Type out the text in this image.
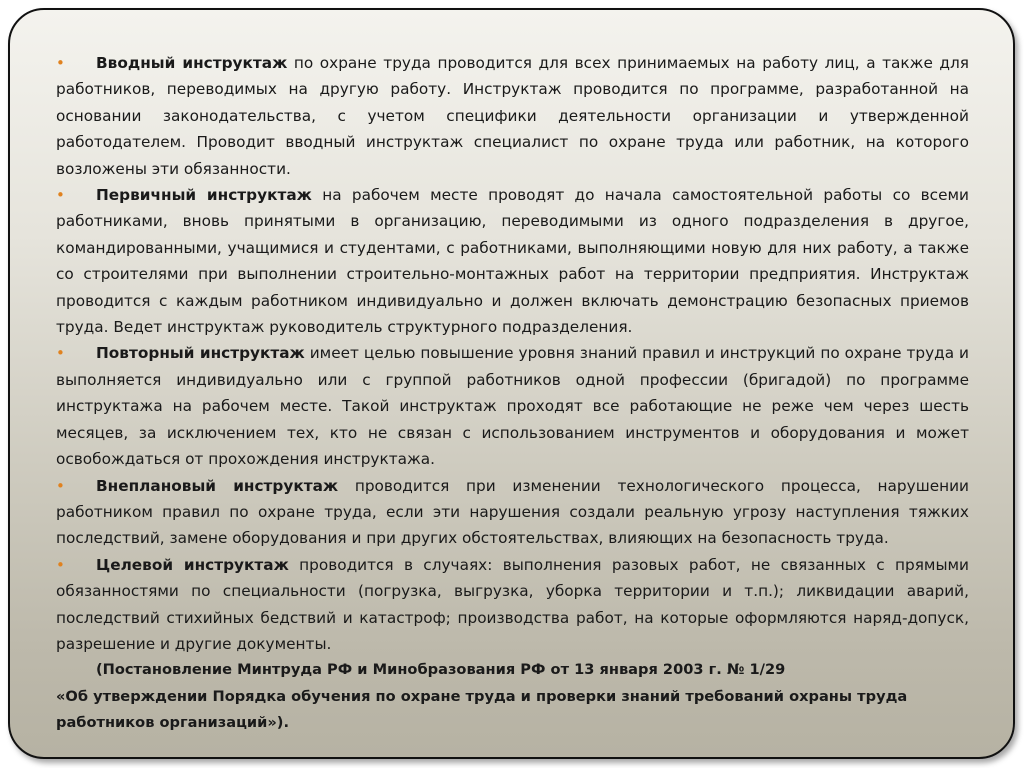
• Вводный инструктаж по охране труда проводится для всех принимаемых на работу лиц, а также для работников, переводимых на другую работу. Инструктаж проводится по программе, разработанной на основании законодательства, с учетом специфики деятельности организации и утвержденной работодателем. Проводит вводный инструктаж специалист по охране труда или работник, на которого возложены эти обязанности.

• Первичный инструктаж на рабочем месте проводят до начала самостоятельной работы со всеми работниками, вновь принятыми в организацию, переводимыми из одного подразделения в другое, командированными, учащимися и студентами, с работниками, выполняющими новую для них работу, а также со строителями при выполнении строительно-монтажных работ на территории предприятия. Инструктаж проводится с каждым работником индивидуально и должен включать демонстрацию безопасных приемов труда. Ведет инструктаж руководитель структурного подразделения.

• Повторный инструктаж имеет целью повышение уровня знаний правил и инструкций по охране труда и выполняется индивидуально или с группой работников одной профессии (бригадой) по программе инструктажа на рабочем месте. Такой инструктаж проходят все работающие не реже чем через шесть месяцев, за исключением тех, кто не связан с использованием инструментов и оборудования и может освобождаться от прохождения инструктажа.

• Внеплановый инструктаж проводится при изменении технологического процесса, нарушении работником правил по охране труда, если эти нарушения создали реальную угрозу наступления тяжких последствий, замене оборудования и при других обстоятельствах, влияющих на безопасность труда.

• Целевой инструктаж проводится в случаях: выполнения разовых работ, не связанных с прямыми обязанностями по специальности (погрузка, выгрузка, уборка территории и т.п.); ликвидации аварий, последствий стихийных бедствий и катастроф; производства работ, на которые оформляются наряд-допуск, разрешение и другие документы.

(Постановление Минтруда РФ и Минобразования РФ от 13 января 2003 г. № 1/29

«Об утверждении Порядка обучения по охране труда и проверки знаний требований охраны труда работников организаций»).
